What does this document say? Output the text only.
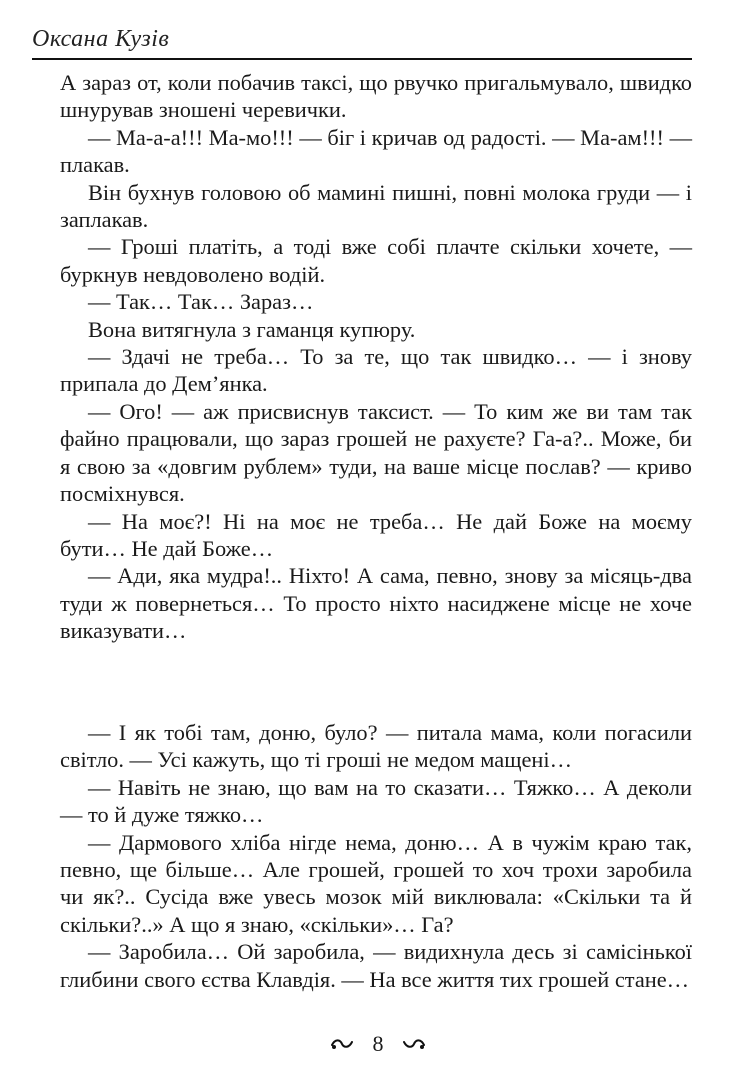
Оксана Кузів

А зараз от, коли побачив таксі, що рвучко пригальмувало, швидко шнурував зношені черевички.

— Ма-а-а!!! Ма-мо!!! — біг і кричав од радості. — Ма-ам!!! — плакав.

Він бухнув головою об мамині пишні, повні молока груди — і заплакав.

— Гроші платіть, а тоді вже собі плачте скільки хочете, — буркнув невдоволено водій.

— Так… Так… Зараз…

Вона витягнула з гаманця купюру.

— Здачі не треба… То за те, що так швидко… — і знову припала до Дем’янка.

— Ого! — аж присвиснув таксист. — То ким же ви там так файно працювали, що зараз грошей не рахуєте? Га-а?.. Може, би я свою за «довгим рублем» туди, на ваше місце послав? — криво посміхнувся.

— На моє?! Ні на моє не треба… Не дай Боже на моєму бути… Не дай Боже…

— Ади, яка мудра!.. Ніхто! А сама, певно, знову за місяць-два туди ж повернеться… То просто ніхто насиджене місце не хоче виказувати…

— І як тобі там, доню, було? — питала мама, коли погасили світло. — Усі кажуть, що ті гроші не медом мащені…

— Навіть не знаю, що вам на то сказати… Тяжко… А деколи — то й дуже тяжко…

— Дармового хліба нігде нема, доню… А в чужім краю так, певно, ще більше… Але грошей, грошей то хоч трохи заробила чи як?.. Сусіда вже увесь мозок мій виклювала: «Скільки та й скільки?..» А що я знаю, «скільки»… Га?

— Заробила… Ой заробила, — видихнула десь зі самісінької глибини свого єства Клавдія. — На все життя тих грошей стане…

8
